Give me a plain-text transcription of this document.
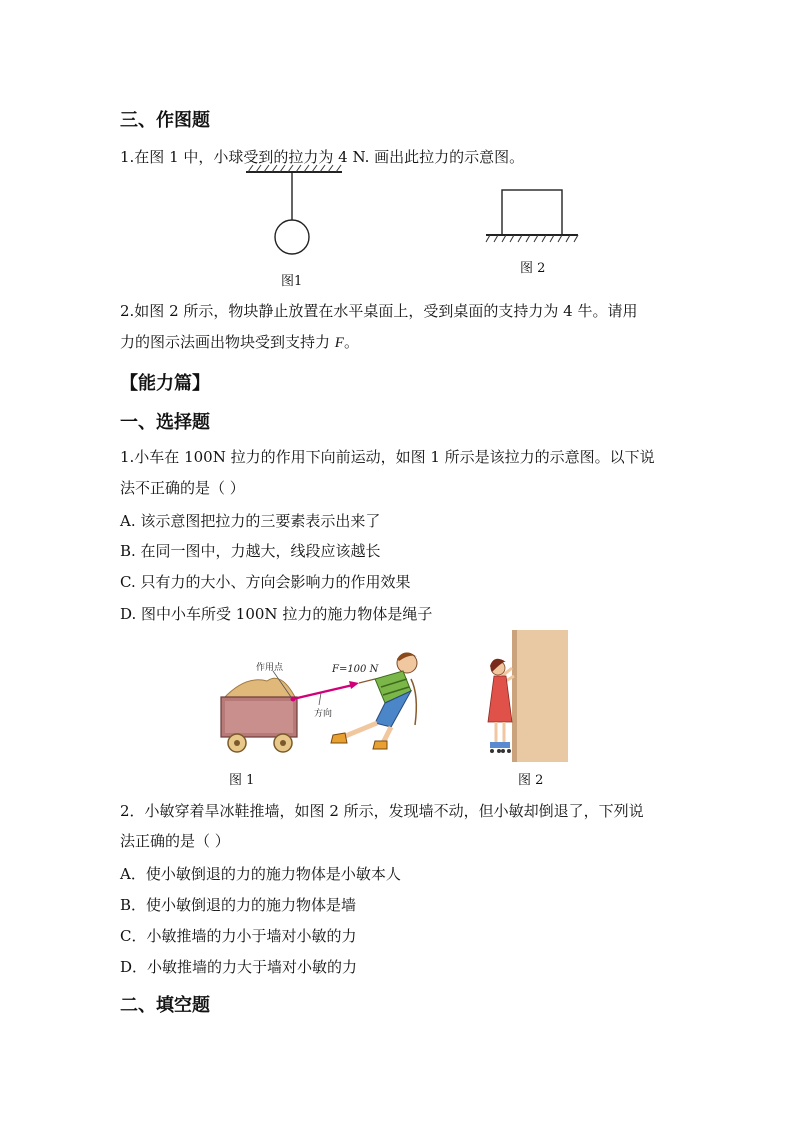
三、作图题
1.在图 1 中，小球受到的拉力为 4 N. 画出此拉力的示意图。
图1
图 2
2.如图 2 所示，物块静止放置在水平桌面上，受到桌面的支持力为 4 牛。请用
力的图示法画出物块受到支持力 F。
【能力篇】
一、选择题
1.小车在 100N 拉力的作用下向前运动，如图 1 所示是该拉力的示意图。以下说
法不正确的是（ ）
A. 该示意图把拉力的三要素表示出来了
B. 在同一图中，力越大，线段应该越长
C. 只有力的大小、方向会影响力的作用效果
D. 图中小车所受 100N 拉力的施力物体是绳子
作用点	F=100 N
方向
图 1	图 2
2．小敏穿着旱冰鞋推墙，如图 2 所示，发现墙不动，但小敏却倒退了，下列说
法正确的是（ ）
A．使小敏倒退的力的施力物体是小敏本人
B．使小敏倒退的力的施力物体是墙
C．小敏推墙的力小于墙对小敏的力
D．小敏推墙的力大于墙对小敏的力
二、填空题
